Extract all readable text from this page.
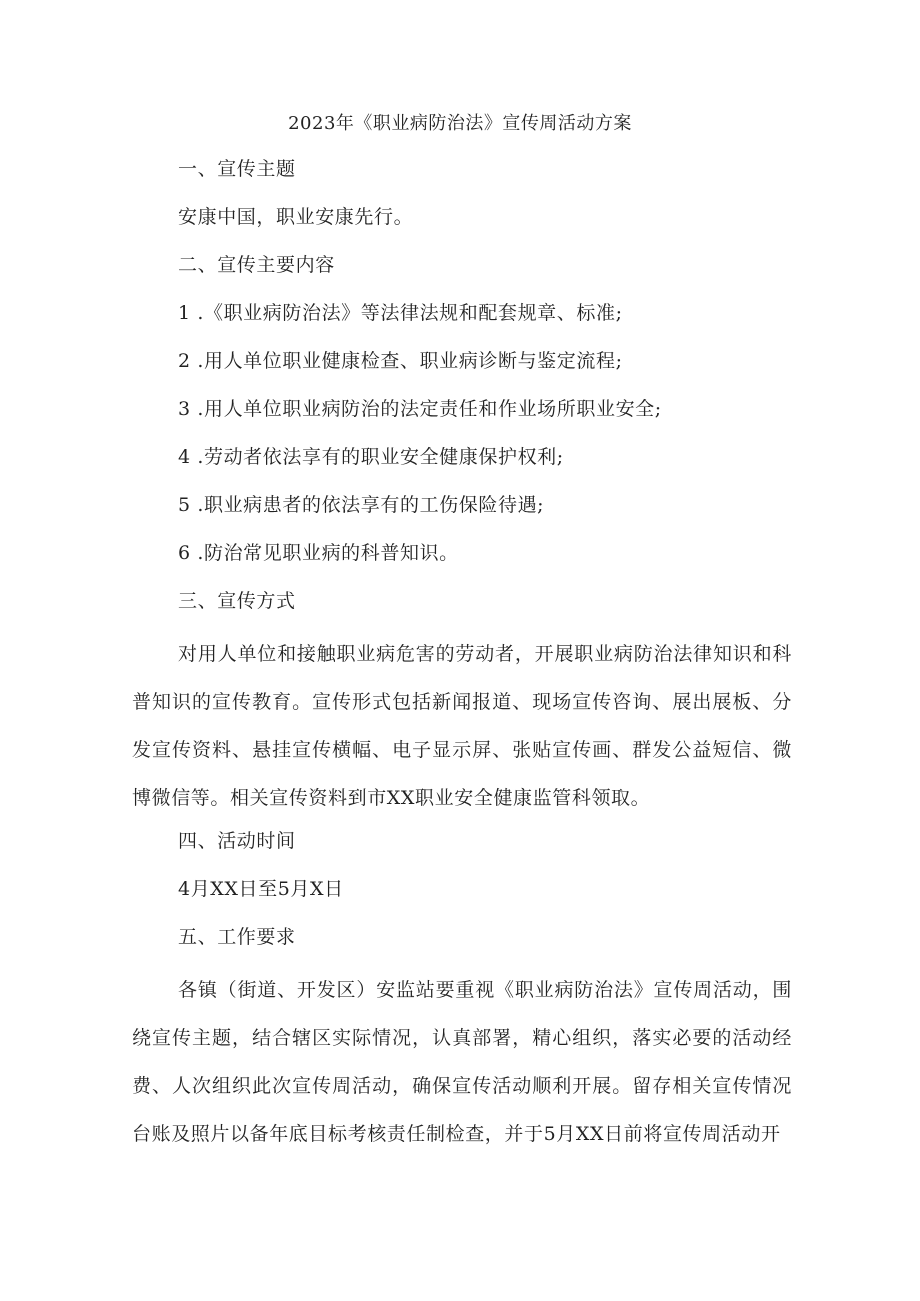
2023年《职业病防治法》宣传周活动方案
一、宣传主题
安康中国，职业安康先行。
二、宣传主要内容
1 .《职业病防治法》等法律法规和配套规章、标准;
2 .用人单位职业健康检查、职业病诊断与鉴定流程;
3 .用人单位职业病防治的法定责任和作业场所职业安全;
4 .劳动者依法享有的职业安全健康保护权利;
5 .职业病患者的依法享有的工伤保险待遇;
6 .防治常见职业病的科普知识。
三、宣传方式

对用人单位和接触职业病危害的劳动者，开展职业病防治法律知识和科普知识的宣传教育。宣传形式包括新闻报道、现场宣传咨询、展出展板、分发宣传资料、悬挂宣传横幅、电子显示屏、张贴宣传画、群发公益短信、微博微信等。相关宣传资料到市XX职业安全健康监管科领取。

四、活动时间
4月XX日至5月X日
五、工作要求

各镇（街道、开发区）安监站要重视《职业病防治法》宣传周活动，围绕宣传主题，结合辖区实际情况，认真部署，精心组织，落实必要的活动经费、人次组织此次宣传周活动，确保宣传活动顺利开展。留存相关宣传情况台账及照片以备年底目标考核责任制检查，并于5月XX日前将宣传周活动开
